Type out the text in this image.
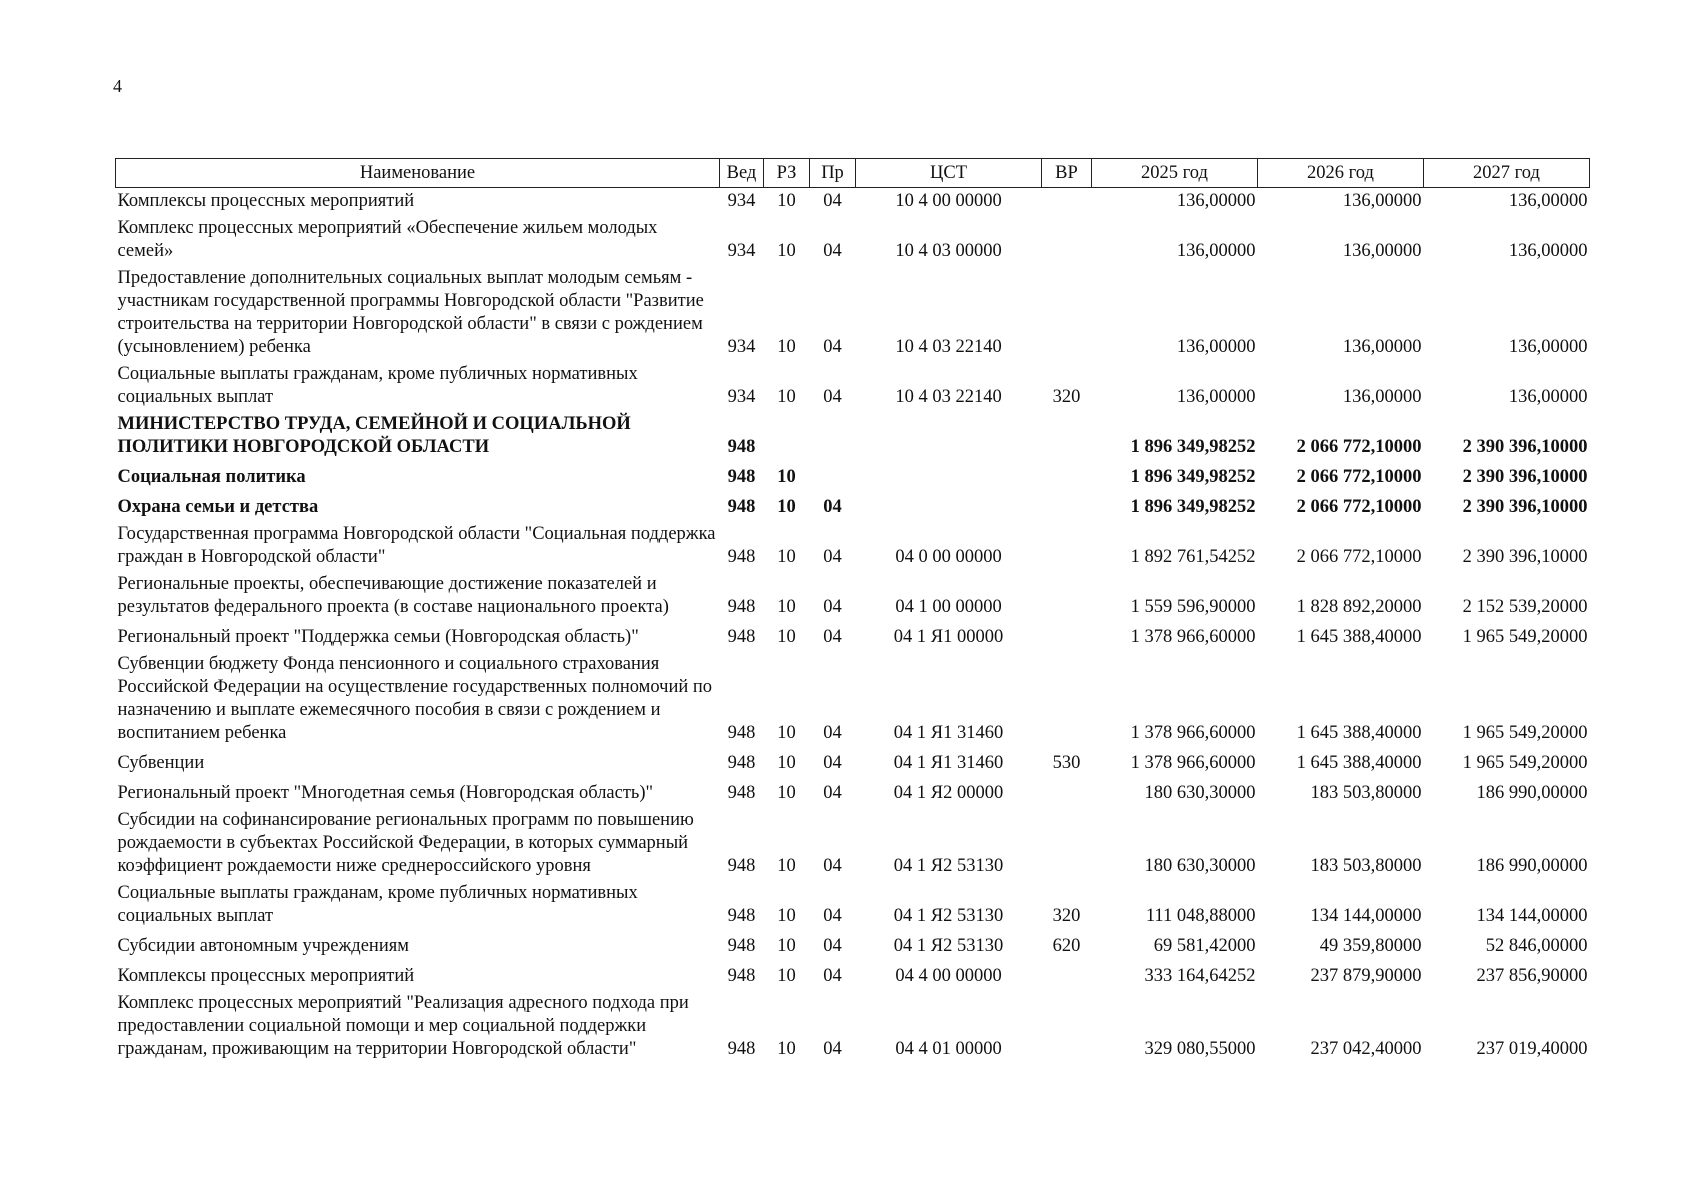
4
Наименование	Вед	РЗ	Пр	ЦСТ	ВР	2025 год	2026 год	2027 год
Комплексы процессных мероприятий	934	10	04	10 4 00 00000		136,00000	136,00000	136,00000
Комплекс процессных мероприятий «Обеспечение жильем молодых семей»	934	10	04	10 4 03 00000		136,00000	136,00000	136,00000
Предоставление дополнительных социальных выплат молодым семьям - участникам государственной программы Новгородской области "Развитие строительства на территории Новгородской области" в связи с рождением (усыновлением) ребенка	934	10	04	10 4 03 22140		136,00000	136,00000	136,00000
Социальные выплаты гражданам, кроме публичных нормативных социальных выплат	934	10	04	10 4 03 22140	320	136,00000	136,00000	136,00000
МИНИСТЕРСТВО ТРУДА, СЕМЕЙНОЙ И СОЦИАЛЬНОЙ ПОЛИТИКИ НОВГОРОДСКОЙ ОБЛАСТИ	948					1 896 349,98252	2 066 772,10000	2 390 396,10000
Социальная политика	948	10				1 896 349,98252	2 066 772,10000	2 390 396,10000
Охрана семьи и детства	948	10	04			1 896 349,98252	2 066 772,10000	2 390 396,10000
Государственная программа Новгородской области "Социальная поддержка граждан в Новгородской области"	948	10	04	04 0 00 00000		1 892 761,54252	2 066 772,10000	2 390 396,10000
Региональные проекты, обеспечивающие достижение показателей и результатов федерального проекта (в составе национального проекта)	948	10	04	04 1 00 00000		1 559 596,90000	1 828 892,20000	2 152 539,20000
Региональный проект "Поддержка семьи (Новгородская область)"	948	10	04	04 1 Я1 00000		1 378 966,60000	1 645 388,40000	1 965 549,20000
Субвенции бюджету Фонда пенсионного и социального страхования Российской Федерации на осуществление государственных полномочий по назначению и выплате ежемесячного пособия в связи с рождением и воспитанием ребенка	948	10	04	04 1 Я1 31460		1 378 966,60000	1 645 388,40000	1 965 549,20000
Субвенции	948	10	04	04 1 Я1 31460	530	1 378 966,60000	1 645 388,40000	1 965 549,20000
Региональный проект "Многодетная семья (Новгородская область)"	948	10	04	04 1 Я2 00000		180 630,30000	183 503,80000	186 990,00000
Субсидии на софинансирование региональных программ по повышению рождаемости в субъектах Российской Федерации, в которых суммарный коэффициент рождаемости ниже среднероссийского уровня	948	10	04	04 1 Я2 53130		180 630,30000	183 503,80000	186 990,00000
Социальные выплаты гражданам, кроме публичных нормативных социальных выплат	948	10	04	04 1 Я2 53130	320	111 048,88000	134 144,00000	134 144,00000
Субсидии автономным учреждениям	948	10	04	04 1 Я2 53130	620	69 581,42000	49 359,80000	52 846,00000
Комплексы процессных мероприятий	948	10	04	04 4 00 00000		333 164,64252	237 879,90000	237 856,90000
Комплекс процессных мероприятий "Реализация адресного подхода при предоставлении социальной помощи и мер социальной поддержки гражданам, проживающим на территории Новгородской области"	948	10	04	04 4 01 00000		329 080,55000	237 042,40000	237 019,40000
